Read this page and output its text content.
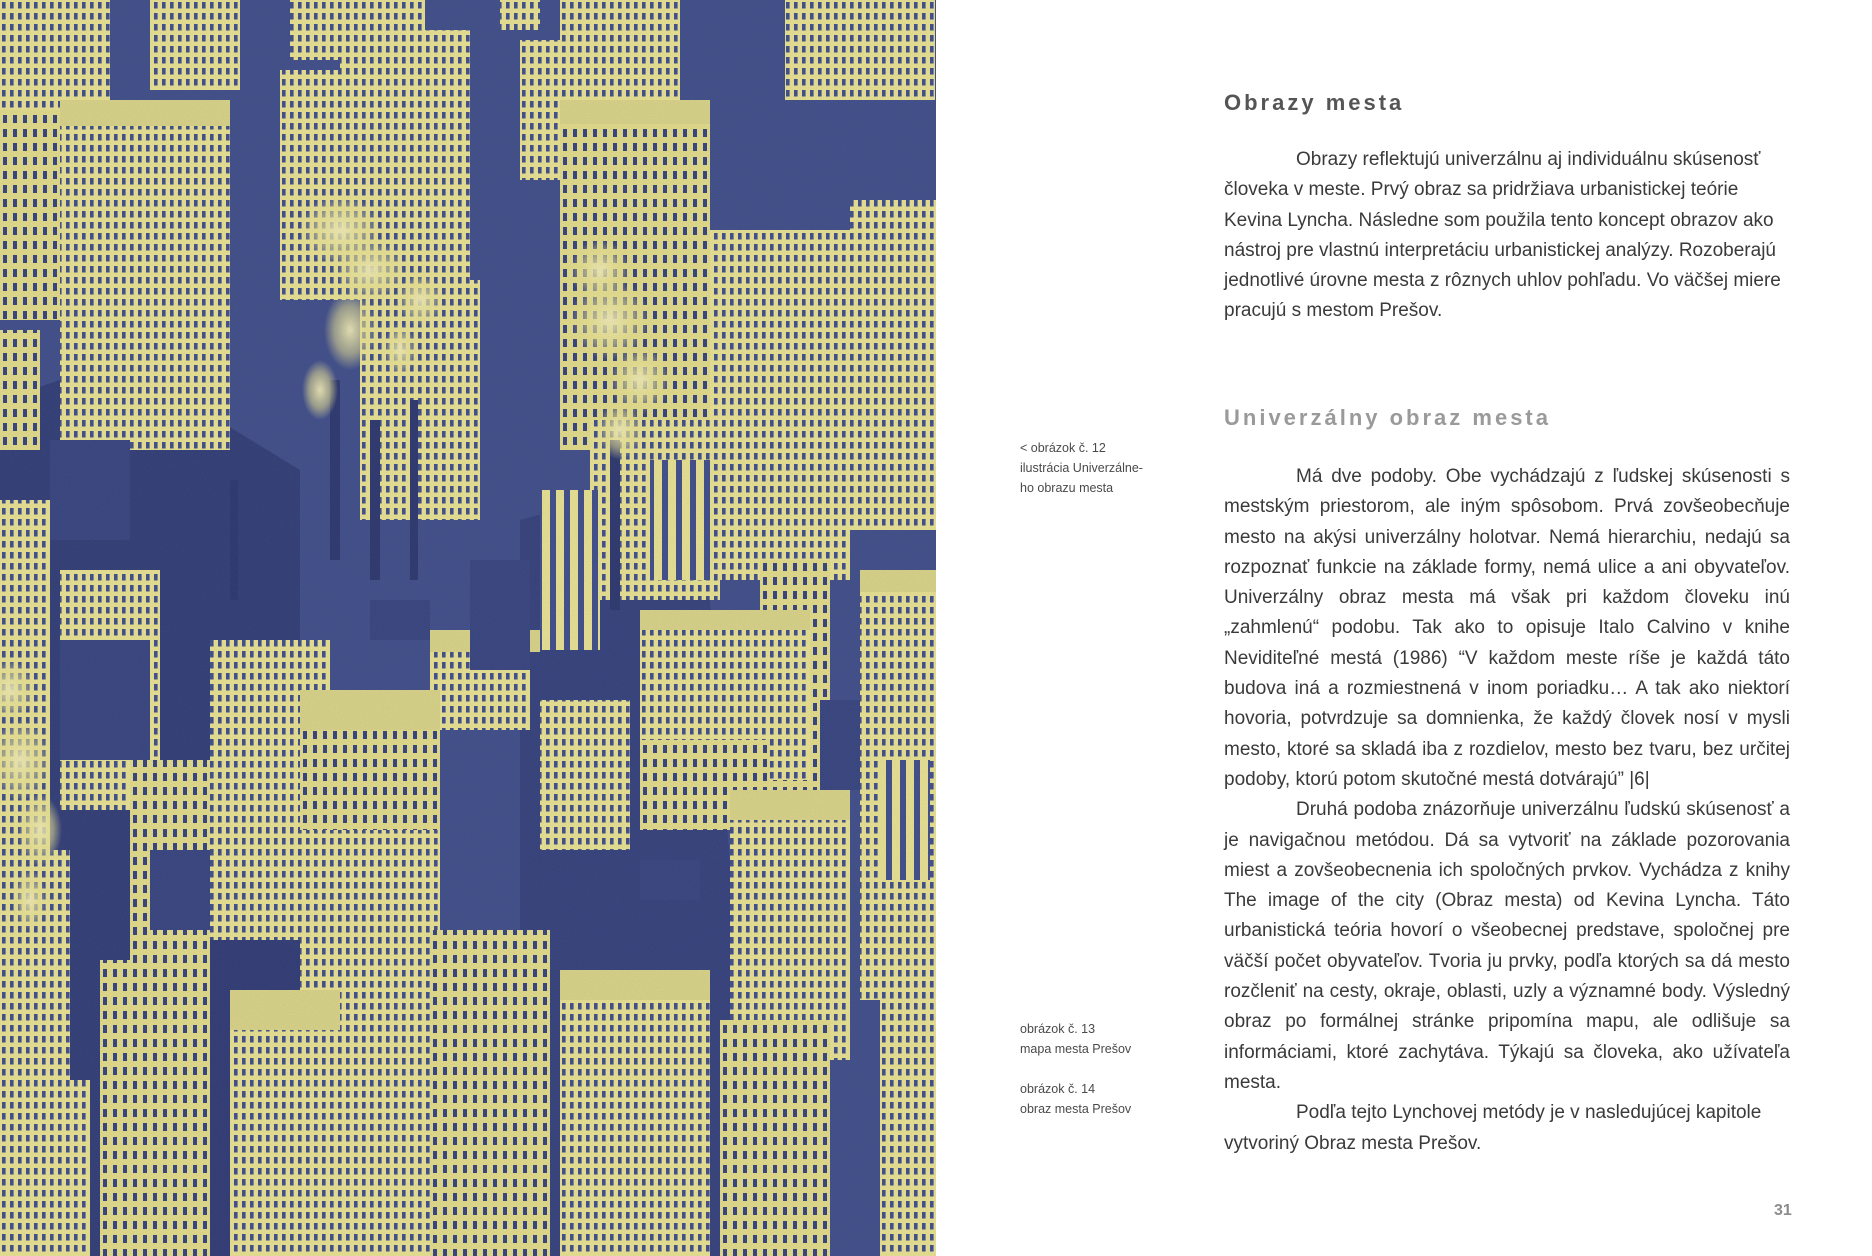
Obrazy mesta

Obrazy reflektujú univerzálnu aj individuálnu skúsenosť človeka v meste. Prvý obraz sa pridržiava urbanistickej teórie Kevina Lyncha. Následne som použila tento koncept obrazov ako nástroj pre vlastnú interpretáciu urbanistickej analýzy. Rozoberajú jednotlivé úrovne mesta z rôznych uhlov pohľadu. Vo väčšej miere pracujú s mestom Prešov.

Univerzálny obraz mesta

Má dve podoby. Obe vychádzajú z ľudskej skúsenosti s mestským priestorom, ale iným spôsobom. Prvá zovšeobecňuje mesto na akýsi univerzálny holotvar. Nemá hierarchiu, nedajú sa rozpoznať funkcie na základe formy, nemá ulice a ani obyvateľov. Univerzálny obraz mesta má však pri každom človeku inú „zahmlenú“ podobu. Tak ako to opisuje Italo Calvino v knihe Neviditeľné mestá (1986) “V každom meste ríše je každá táto budova iná a rozmiestnená v inom poriadku… A tak ako niektorí hovoria, potvrdzuje sa domnienka, že každý človek nosí v mysli mesto, ktoré sa skladá iba z rozdielov, mesto bez tvaru, bez určitej podoby, ktorú potom skutočné mestá dotvárajú” |6|

Druhá podoba znázorňuje univerzálnu ľudskú skúsenosť a je navigačnou metódou. Dá sa vytvoriť na základe pozorovania miest a zovšeobecnenia ich spoločných prvkov. Vychádza z knihy The image of the city (Obraz mesta) od Kevina Lyncha. Táto urbanistická teória hovorí o všeobecnej predstave, spoločnej pre väčší počet obyvateľov. Tvoria ju prvky, podľa ktorých sa dá mesto rozčleniť na cesty, okraje, oblasti, uzly a významné body. Výsledný obraz po formálnej stránke pripomína mapu, ale odlišuje sa informáciami, ktoré zachytáva. Týkajú sa človeka, ako užívateľa mesta.

Podľa tejto Lynchovej metódy je v nasledujúcej kapitole vytvoriný Obraz mesta Prešov.

< obrázok č. 12
ilustrácia Univerzálne-
ho obrazu mesta
obrázok č. 13
mapa mesta Prešov
obrázok č. 14
obraz mesta Prešov
31
